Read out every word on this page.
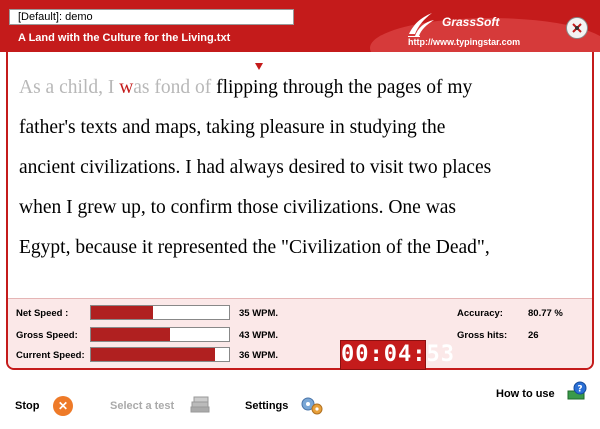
[Default]: demo
A Land with the Culture for the Living.txt
GrassSoft
http://www.typingstar.com
As a child, I was fond of flipping through the pages of my
father's texts and maps, taking pleasure in studying the
ancient civilizations. I had always desired to visit two places
when I grew up, to confirm those civilizations. One was
Egypt, because it represented the "Civilization of the Dead",
Net Speed :	35 WPM.
Gross Speed:	43 WPM.
Current Speed:	36 WPM.
Accuracy:	80.77 %
Gross hits: 26
00:04:53
Stop	✕	Select a test	Settings
How to use	?
